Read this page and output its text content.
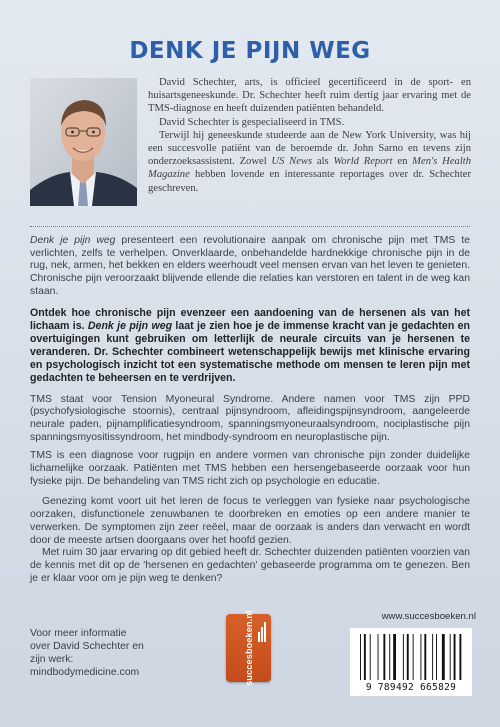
DENK JE PIJN WEG

David Schechter, arts, is officieel gecertificeerd in de sport- en huisartsgeneeskunde. Dr. Schechter heeft ruim dertig jaar ervaring met de TMS-diagnose en heeft duizenden patiënten behandeld.

David Schechter is gespecialiseerd in TMS.

Terwijl hij geneeskunde studeerde aan de New York University, was hij een succesvolle patiënt van de beroemde dr. John Sarno en tevens zijn onderzoeksassistent. Zowel US News als World Report en Men's Health Magazine hebben lovende en interessante reportages over dr. Schechter geschreven.

Denk je pijn weg presenteert een revolutionaire aanpak om chronische pijn met TMS te verlichten, zelfs te verhelpen. Onverklaarde, onbehandelde hardnekkige chronische pijn in de rug, nek, armen, het bekken en elders weerhoudt veel mensen ervan van het leven te genieten. Chronische pijn veroorzaakt blijvende ellende die relaties kan verstoren en talent in de weg kan staan.

Ontdek hoe chronische pijn evenzeer een aandoening van de hersenen als van het lichaam is. Denk je pijn weg laat je zien hoe je de immense kracht van je gedachten en overtuigingen kunt gebruiken om letterlijk de neurale circuits van je hersenen te veranderen. Dr. Schechter combineert wetenschappelijk bewijs met klinische ervaring en psychologisch inzicht tot een systematische methode om mensen te leren pijn met gedachten te beheersen en te verdrijven.

TMS staat voor Tension Myoneural Syndrome. Andere namen voor TMS zijn PPD (psychofysiologische stoornis), centraal pijnsyndroom, afleidingspijnsyndroom, aangeleerde neurale paden, pijnamplificatiesyndroom, spanningsmyoneuraalsyndroom, nociplastische pijn spanningsmyositissyndroom, het mindbody-syndroom en neuroplastische pijn.

TMS is een diagnose voor rugpijn en andere vormen van chronische pijn zonder duidelijke lichamelijke oorzaak. Patiënten met TMS hebben een hersengebaseerde oorzaak voor hun fysieke pijn. De behandeling van TMS richt zich op psychologie en educatie.

Genezing komt voort uit het leren de focus te verleggen van fysieke naar psychologische oorzaken, disfunctionele zenuwbanen te doorbreken en emoties op een andere manier te verwerken. De symptomen zijn zeer reëel, maar de oorzaak is anders dan verwacht en wordt door de meeste artsen doorgaans over het hoofd gezien.

Met ruim 30 jaar ervaring op dit gebied heeft dr. Schechter duizenden patiënten voorzien van de kennis met dit op de 'hersenen en gedachten' gebaseerde programma om te genezen. Ben je er klaar voor om je pijn weg te denken?

Voor meer informatie

over David Schechter en

zijn werk:

mindbodymedicine.com	succesboeken.nl	www.succesboeken.nl
9 789492 665829
